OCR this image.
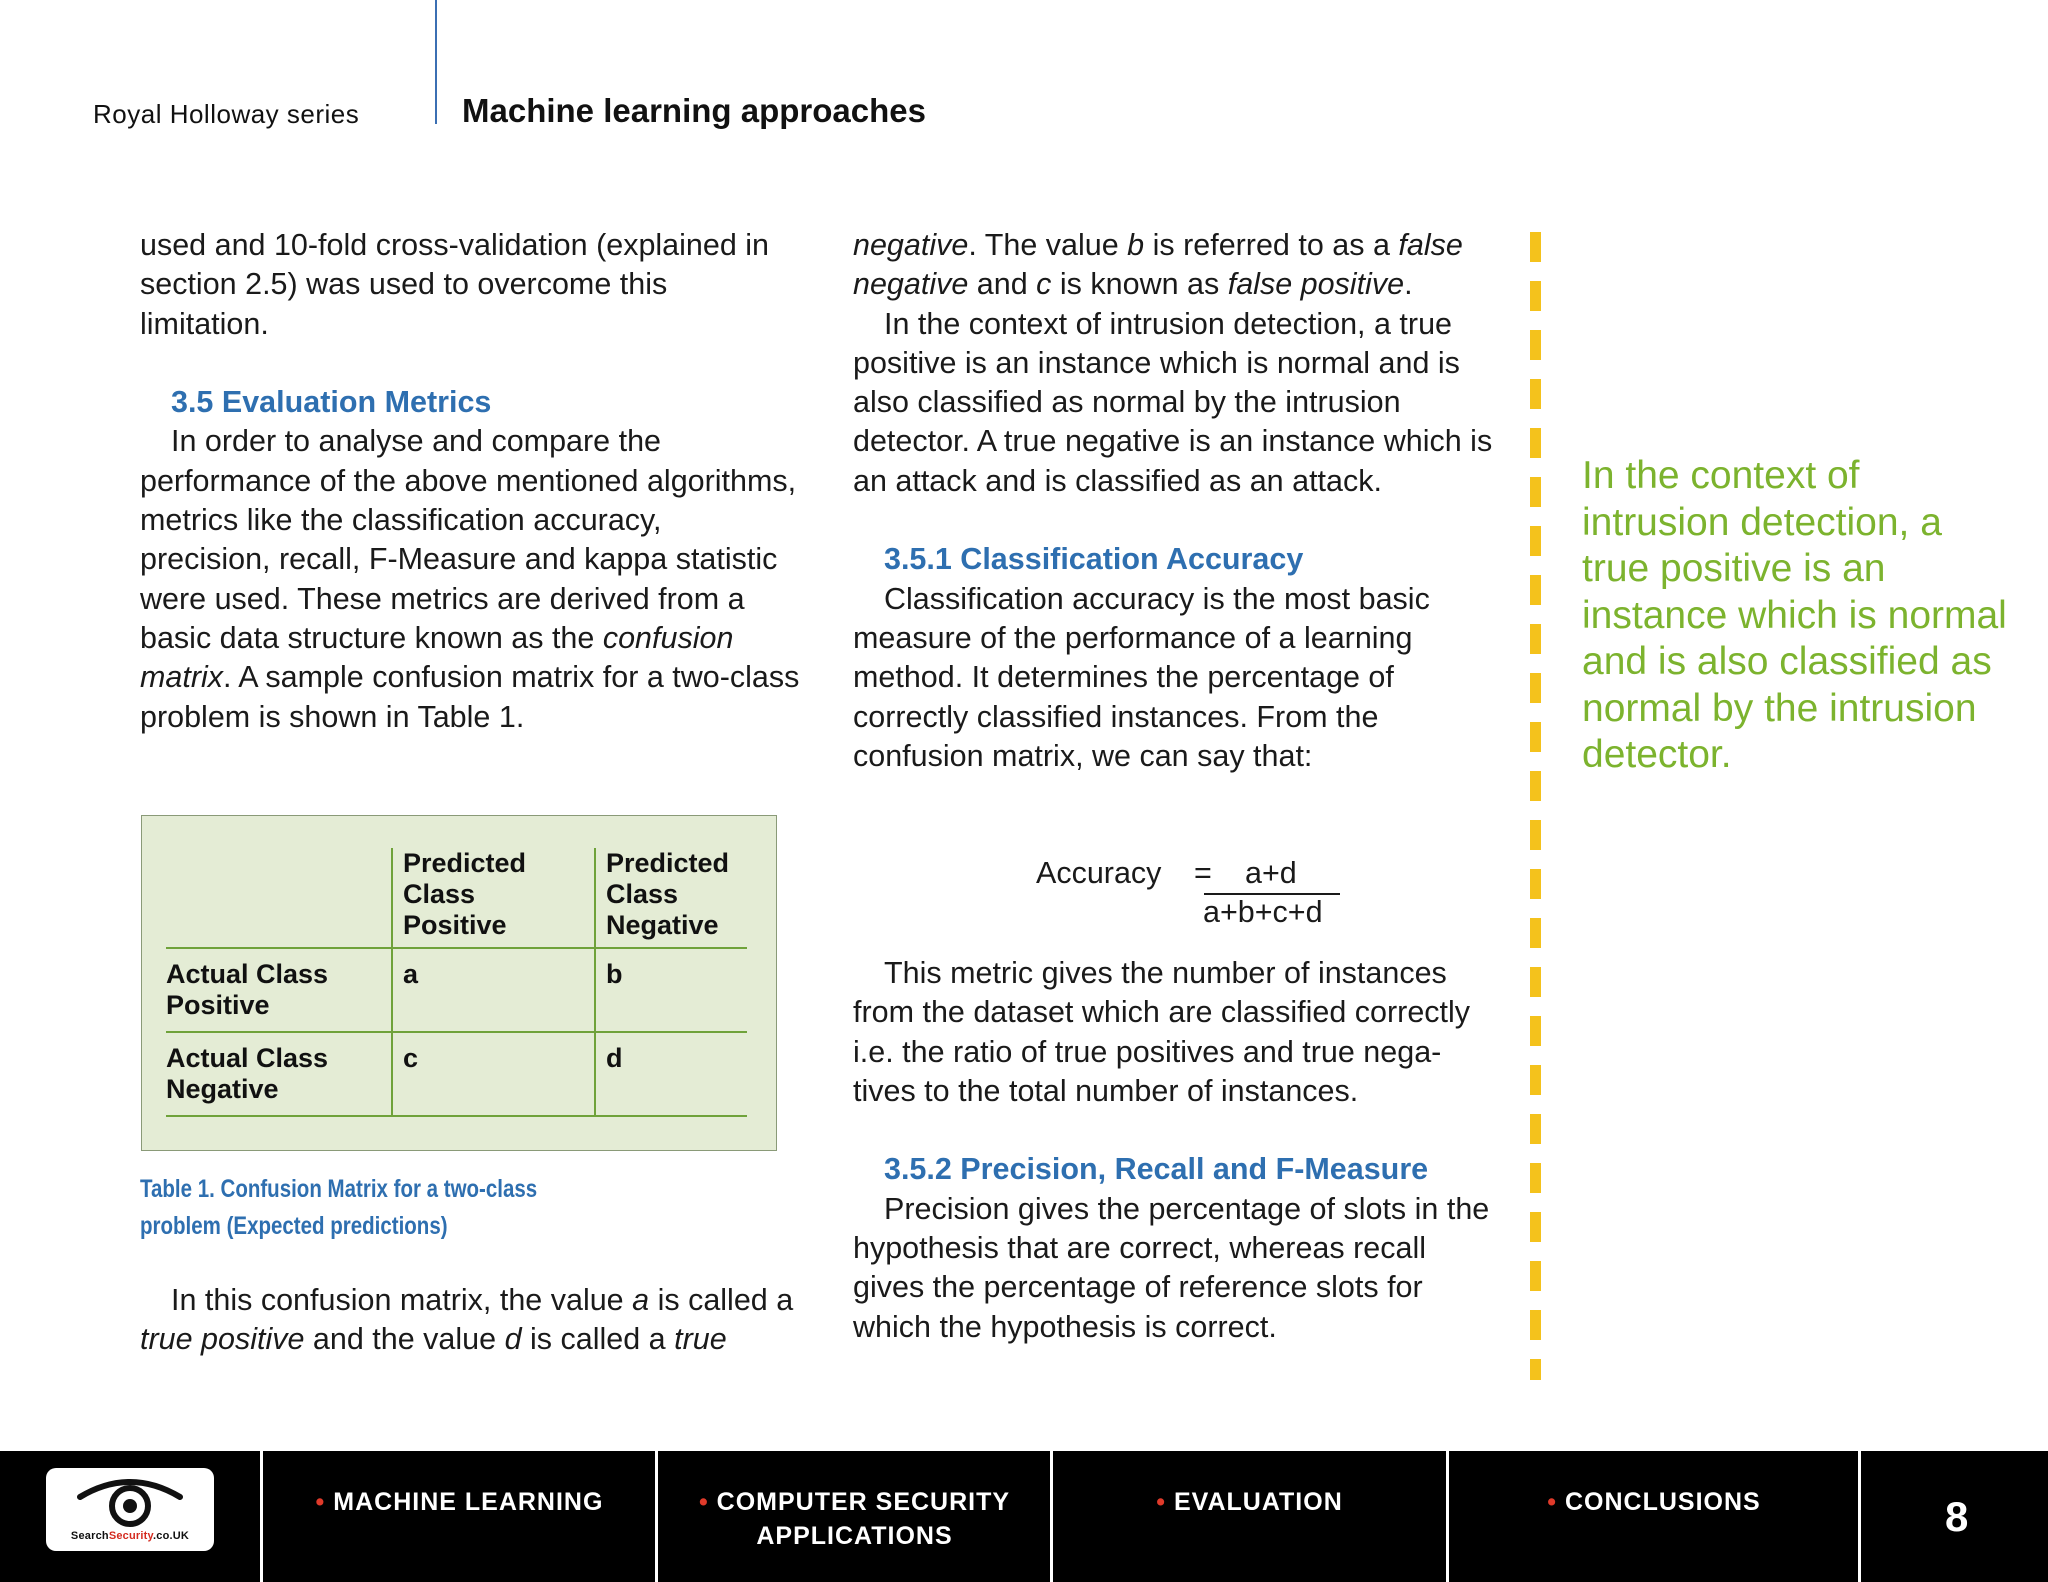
Royal Holloway series	Machine learning approaches

used and 10-fold cross-validation (explained in section 2.5) was used to overcome this limitation.

3.5 Evaluation Metrics

In order to analyse and compare the performance of the above mentioned algorithms, metrics like the classification accuracy, precision, recall, F-Measure and kappa statistic were used. These metrics are derived from a basic data structure known as the confusion matrix. A sample confusion matrix for a two-class problem is shown in Table 1.

	Predicted Class Positive	Predicted Class Negative
Actual Class Positive	a	b
Actual Class Negative	c	d
Table 1. Confusion Matrix for a two-class problem (Expected predictions)

In this confusion matrix, the value a is called a true positive and the value d is called a true

negative. The value b is referred to as a false
negative and c is known as false positive.

In the context of intrusion detection, a true positive is an instance which is normal and is also classified as normal by the intrusion detector. A true negative is an instance which is an attack and is classified as an attack.

3.5.1 Classification Accuracy

Classification accuracy is the most basic measure of the performance of a learning method. It determines the percentage of correctly classified instances. From the confusion matrix, we can say that:

Accuracy = a+d
a+b+c+d

This metric gives the number of instances from the dataset which are classified correctly i.e. the ratio of true positives and true nega-tives to the total number of instances.

3.5.2 Precision, Recall and F-Measure

Precision gives the percentage of slots in the hypothesis that are correct, whereas recall gives the percentage of reference slots for which the hypothesis is correct.

In the context of intrusion detection, a true positive is an instance which is normal and is also classified as normal by the intrusion detector.
SearchSecurity.co.UK
• MACHINE LEARNING	• COMPUTER SECURITY
APPLICATIONS
• EVALUATION	• CONCLUSIONS	8
